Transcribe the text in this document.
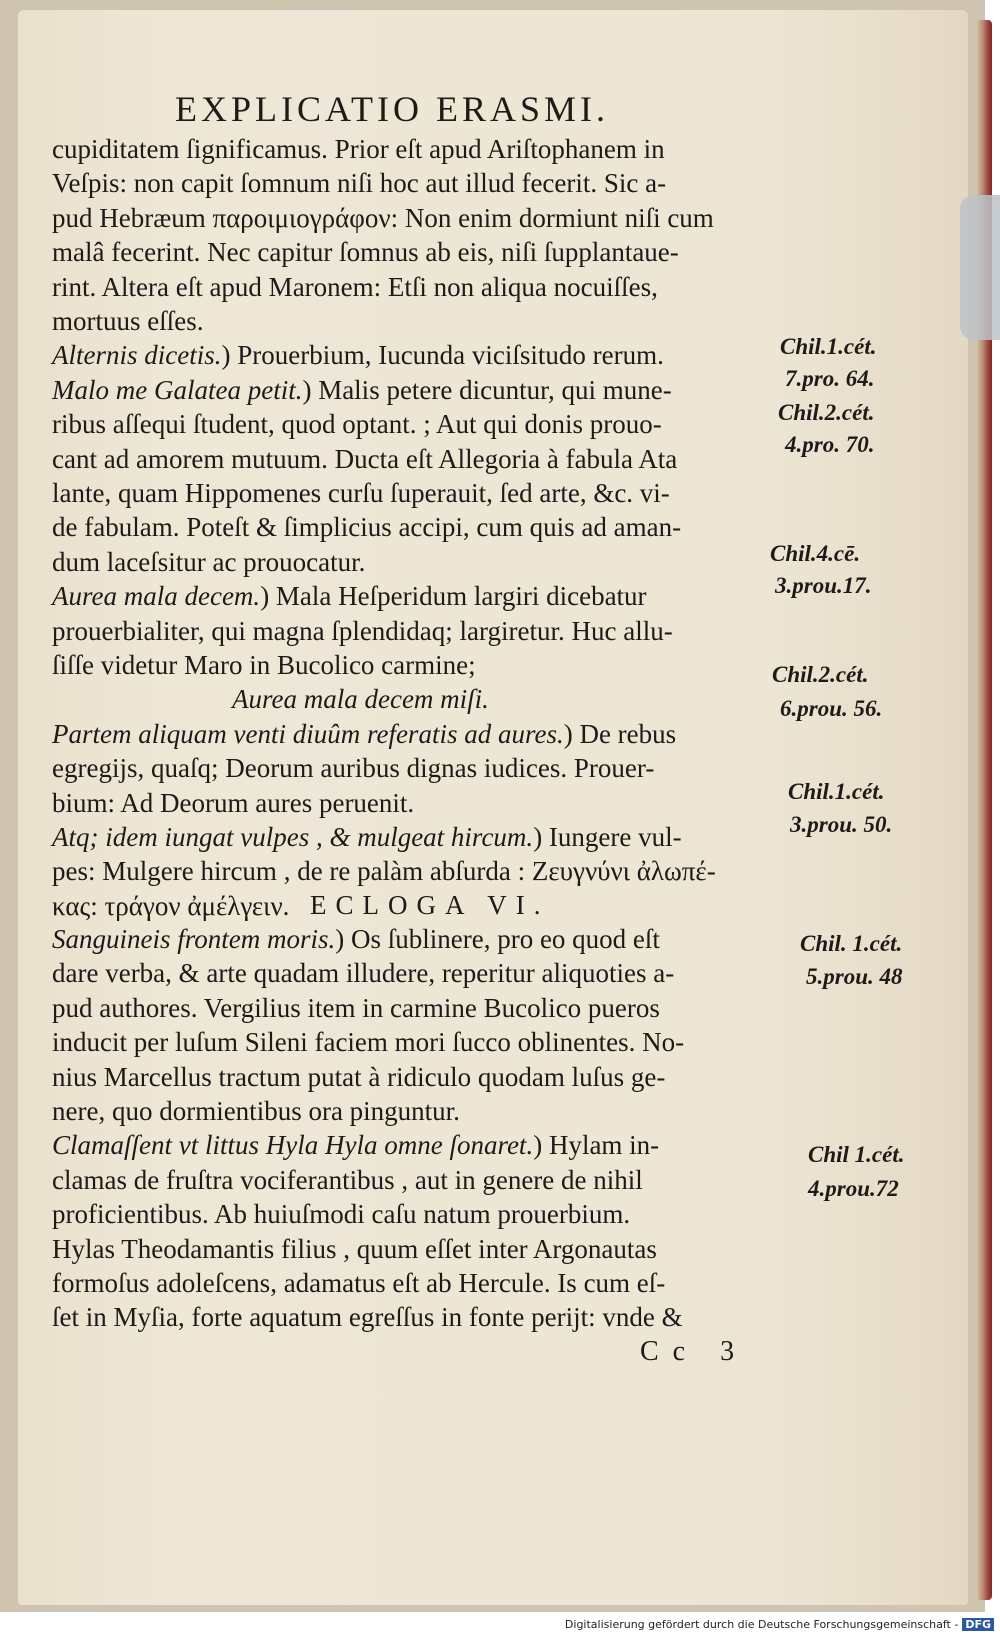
EXPLICATIO ERASMI.
ECLOGA VI.
Cc 3
Digitalisierung gefördert durch die Deutsche Forschungsgemeinschaft - DFG
cupiditatem ſignificamus. Prior eſt apud Ariſtophanem in
Veſpis: non capit ſomnum niſi hoc aut illud fecerit. Sic a-
pud Hebræum παροιμιογράφον: Non enim dormiunt niſi cum
malâ fecerint. Nec capitur ſomnus ab eis, niſi ſupplantaue-
rint. Altera eſt apud Maronem: Etſi non aliqua nocuiſſes,
mortuus eſſes.
Alternis dicetis.) Prouerbium, Iucunda viciſsitudo rerum.
Malo me Galatea petit.) Malis petere dicuntur, qui mune-
ribus aſſequi ſtudent, quod optant. ; Aut qui donis prouo-
cant ad amorem mutuum. Ducta eſt Allegoria à fabula Ata
lante, quam Hippomenes curſu ſuperauit, ſed arte, &c. vi-
de fabulam. Poteſt & ſimplicius accipi, cum quis ad aman-
dum laceſsitur ac prouocatur.
Aurea mala decem.) Mala Heſperidum largiri dicebatur
prouerbialiter, qui magna ſplendidaq; largiretur. Huc allu-
ſiſſe videtur Maro in Bucolico carmine;
Aurea mala decem miſi.
Partem aliquam venti diuûm referatis ad aures.) De rebus
egregijs, quaſq; Deorum auribus dignas iudices. Prouer-
bium: Ad Deorum aures peruenit.
Atq; idem iungat vulpes , & mulgeat hircum.) Iungere vul-
pes: Mulgere hircum , de re palàm abſurda : Ζευγνύνι ἀλωπέ-
κας: τράγον ἀμέλγειν.
Sanguineis frontem moris.) Os ſublinere, pro eo quod eſt
dare verba, & arte quadam illudere, reperitur aliquoties a-
pud authores. Vergilius item in carmine Bucolico pueros
inducit per luſum Sileni faciem mori ſucco oblinentes. No-
nius Marcellus tractum putat à ridiculo quodam luſus ge-
nere, quo dormientibus ora pinguntur.
Clamaſſent vt littus Hyla Hyla omne ſonaret.) Hylam in-
clamas de fruſtra vociferantibus , aut in genere de nihil
proficientibus. Ab huiuſmodi caſu natum prouerbium.
Hylas Theodamantis filius , quum eſſet inter Argonautas
formoſus adoleſcens, adamatus eſt ab Hercule. Is cum eſ-
ſet in Myſia, forte aquatum egreſſus in fonte perijt: vnde &
Chil.1.cét.
7.pro. 64.
Chil.2.cét.
4.pro. 70.
Chil.4.cē.
3.prou.17.
Chil.2.cét.
6.prou. 56.
Chil.1.cét.
3.prou. 50.
Chil. 1.cét.
5.prou. 48
Chil 1.cét.
4.prou.72
